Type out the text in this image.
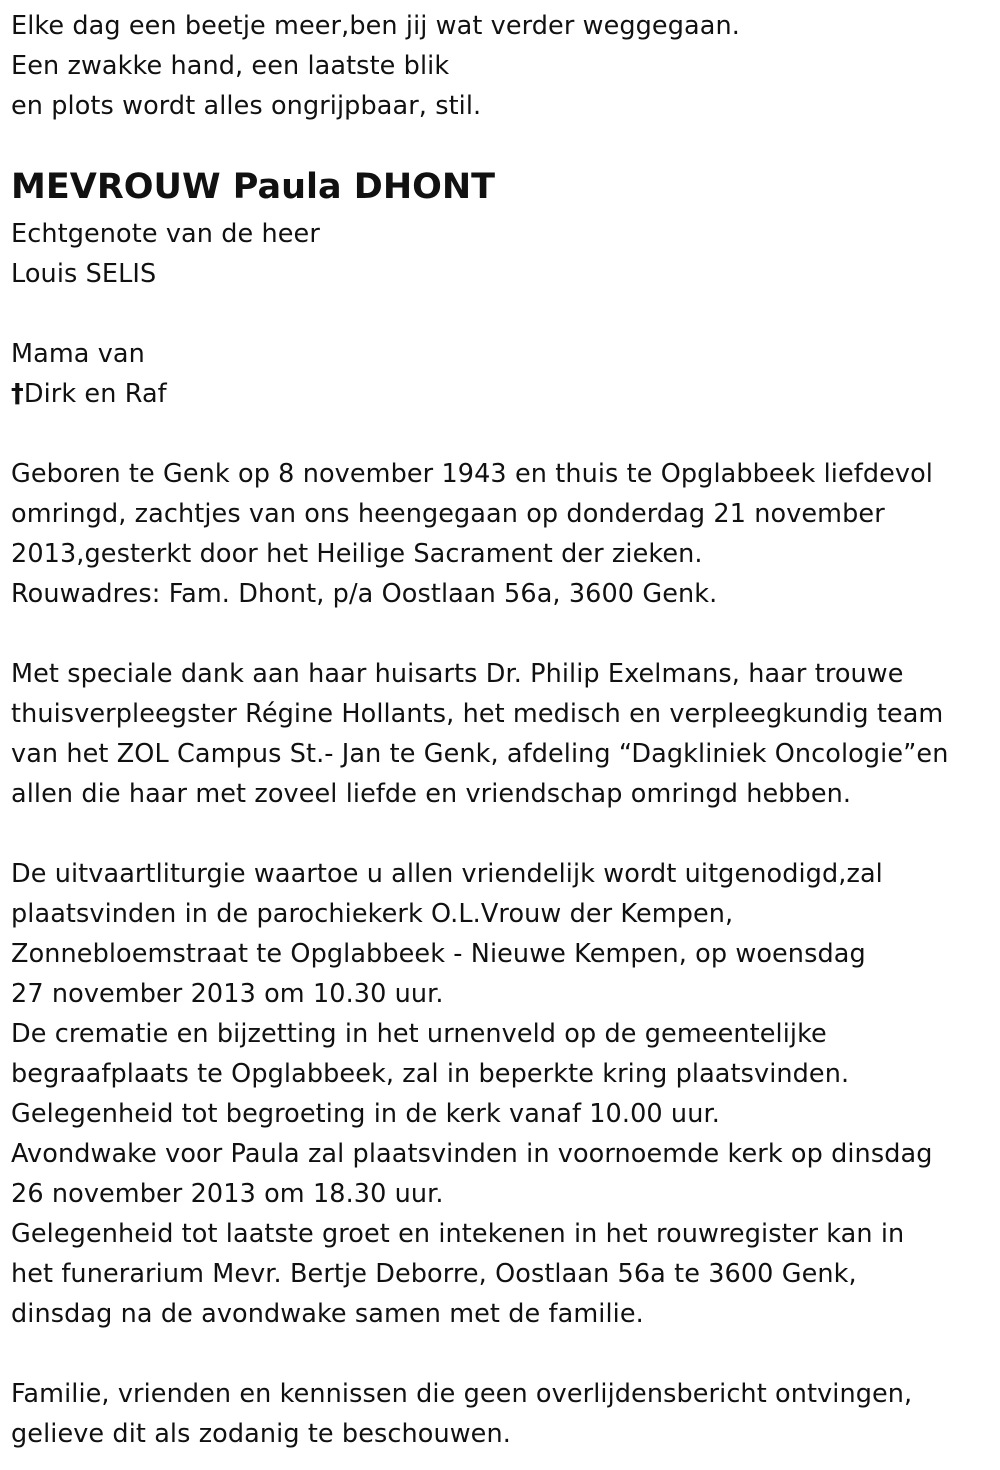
Elke dag een beetje meer,ben jij wat verder weggegaan.
Een zwakke hand, een laatste blik
en plots wordt alles ongrijpbaar, stil.
MEVROUW Paula DHONT
Echtgenote van de heer
Louis SELIS
Mama van
†Dirk en Raf
Geboren te Genk op 8 november 1943 en thuis te Opglabbeek liefdevol
omringd, zachtjes van ons heengegaan op donderdag 21 november
2013,gesterkt door het Heilige Sacrament der zieken.
Rouwadres: Fam. Dhont, p/a Oostlaan 56a, 3600 Genk.
Met speciale dank aan haar huisarts Dr. Philip Exelmans, haar trouwe
thuisverpleegster Régine Hollants, het medisch en verpleegkundig team
van het ZOL Campus St.- Jan te Genk, afdeling “Dagkliniek Oncologie”en
allen die haar met zoveel liefde en vriendschap omringd hebben.
De uitvaartliturgie waartoe u allen vriendelijk wordt uitgenodigd,zal
plaatsvinden in de parochiekerk O.L.Vrouw der Kempen,
Zonnebloemstraat te Opglabbeek - Nieuwe Kempen, op woensdag
27 november 2013 om 10.30 uur.
De crematie en bijzetting in het urnenveld op de gemeentelijke
begraafplaats te Opglabbeek, zal in beperkte kring plaatsvinden.
Gelegenheid tot begroeting in de kerk vanaf 10.00 uur.
Avondwake voor Paula zal plaatsvinden in voornoemde kerk op dinsdag
26 november 2013 om 18.30 uur.
Gelegenheid tot laatste groet en intekenen in het rouwregister kan in
het funerarium Mevr. Bertje Deborre, Oostlaan 56a te 3600 Genk,
dinsdag na de avondwake samen met de familie.
Familie, vrienden en kennissen die geen overlijdensbericht ontvingen,
gelieve dit als zodanig te beschouwen.
